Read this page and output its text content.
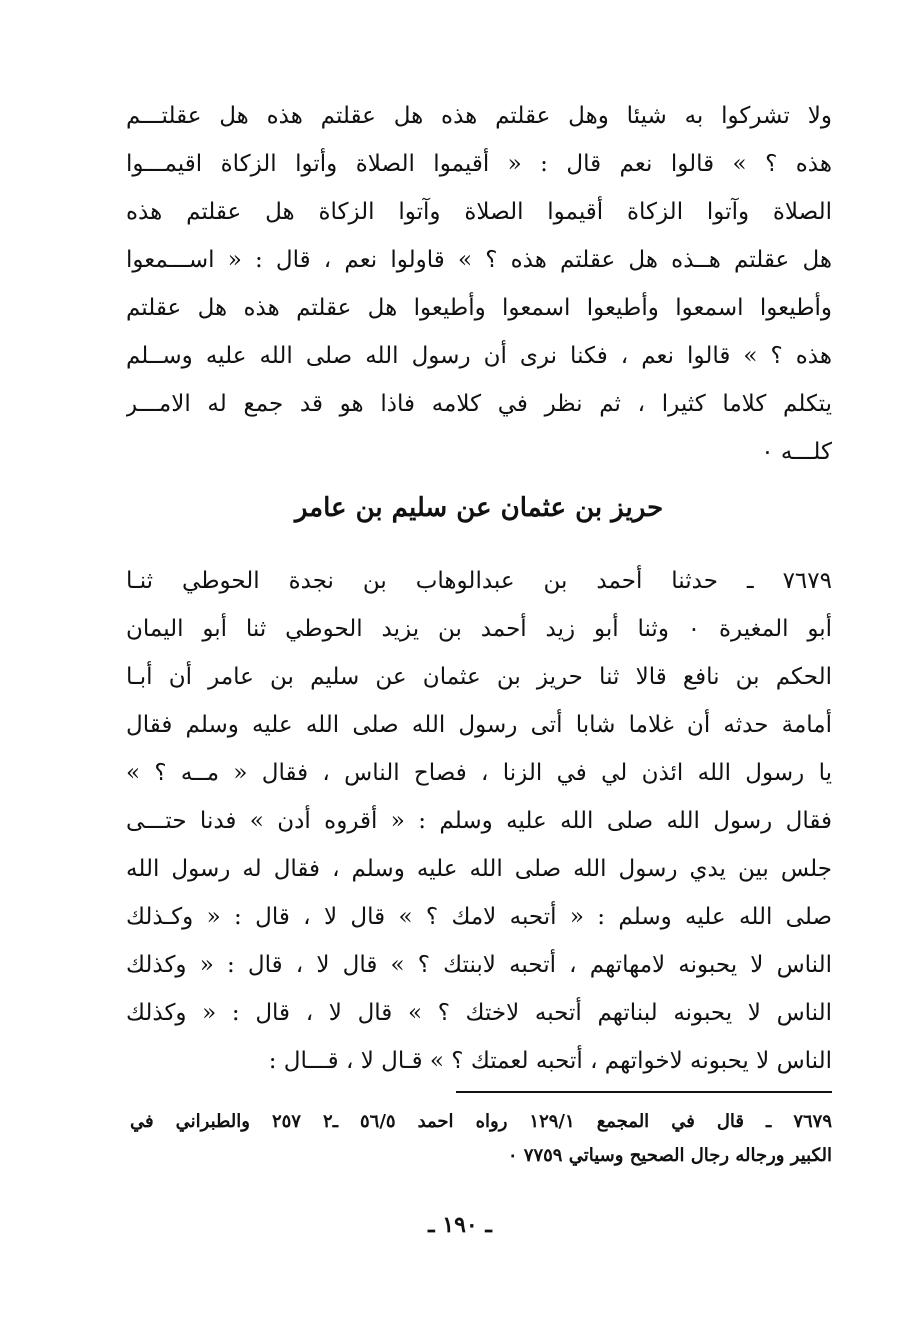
ولا تشركوا به شيئا وهل عقلتم هذه هل عقلتم هذه هل عقلتـــم
هذه ؟ » قالوا نعم قال : « أقيموا الصلاة وأتوا الزكاة اقيمـــوا
الصلاة وآتوا الزكاة أقيموا الصلاة وآتوا الزكاة هل عقلتم هذه
هل عقلتم هــذه هل عقلتم هذه ؟ » قاولوا نعم ، قال : « اســـمعوا
وأطيعوا اسمعوا وأطيعوا اسمعوا وأطيعوا هل عقلتم هذه هل عقلتم
هذه ؟ » قالوا نعم ، فكنا نرى أن رسول الله صلى الله عليه وســلم
يتكلم كلاما كثيرا ، ثم نظر في كلامه فاذا هو قد جمع له الامـــر
كلـــه ٠
حريز بن عثمان عن سليم بن عامر
٧٦٧٩ ـ حدثنا أحمد بن عبدالوهاب بن نجدة الحوطي ثنـا
أبو المغيرة ٠ وثنا أبو زيد أحمد بن يزيد الحوطي ثنا أبو اليمان
الحكم بن نافع قالا ثنا حريز بن عثمان عن سليم بن عامر أن أبـا
أمامة حدثه أن غلاما شابا أتى رسول الله صلى الله عليه وسلم فقال
يا رسول الله ائذن لي في الزنا ، فصاح الناس ، فقال « مــه ؟ »
فقال رسول الله صلى الله عليه وسلم : « أقروه أدن » فدنا حتـــى
جلس بين يدي رسول الله صلى الله عليه وسلم ، فقال له رسول الله
صلى الله عليه وسلم : « أتحبه لامك ؟ » قال لا ، قال : « وكـذلك
الناس لا يحبونه لامهاتهم ، أتحبه لابنتك ؟ » قال لا ، قال : « وكذلك
الناس لا يحبونه لبناتهم أتحبه لاختك ؟ » قال لا ، قال : « وكذلك
الناس لا يحبونه لاخواتهم ، أتحبه لعمتك ؟ » قـال لا ، قـــال :
٧٦٧٩ ـ قال في المجمع ١٢٩/١ رواه احمد ٥٦/٥ ـ٢ ٢٥٧ والطبراني في
الكبير ورجاله رجال الصحيح وسياتي ٧٧٥٩ ٠
ـ ١٩٠ ـ
